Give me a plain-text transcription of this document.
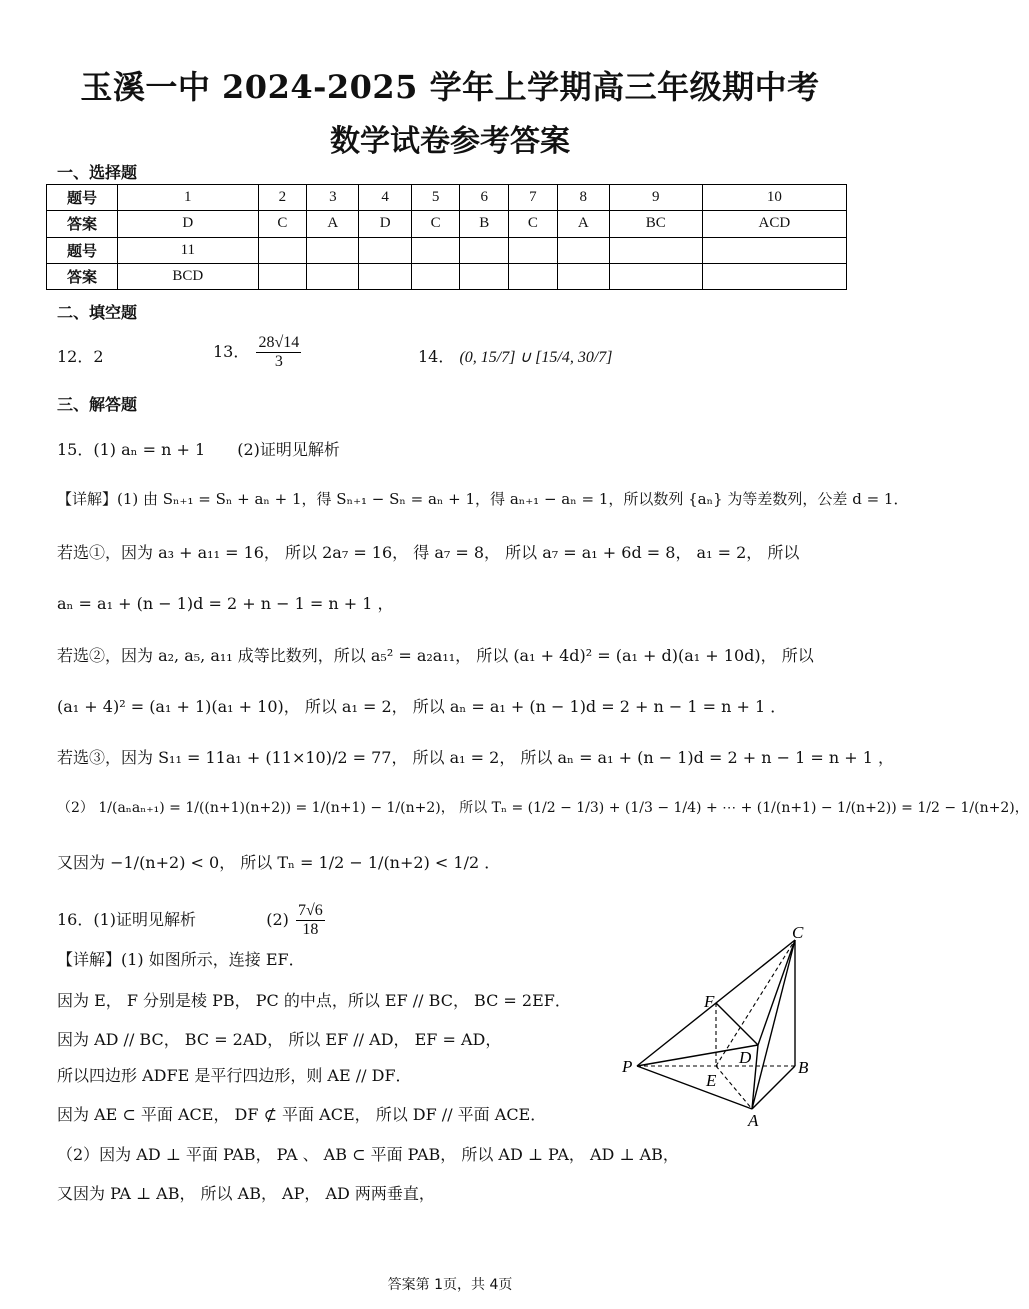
玉溪一中 2024-2025 学年上学期高三年级期中考
数学试卷参考答案
一、选择题
题号	1	2	3	4	5	6	7	8	9	10
答案	D	C	A	D	C	B	C	A	BC	ACD
题号	11									
答案	BCD									
二、填空题
12．2	13． $\frac{28√14}{3}$	14． (0, 15/7] ∪ [15/4, 30/7]
三、解答题
15．(1) aₙ = n + 1　　(2)证明见解析
【详解】(1) 由 Sₙ₊₁ = Sₙ + aₙ + 1，得 Sₙ₊₁ − Sₙ = aₙ + 1，得 aₙ₊₁ − aₙ = 1，所以数列 {aₙ} 为等差数列，公差 d = 1．
若选①，因为 a₃ + a₁₁ = 16， 所以 2a₇ = 16， 得 a₇ = 8， 所以 a₇ = a₁ + 6d = 8， a₁ = 2， 所以
aₙ = a₁ + (n − 1)d = 2 + n − 1 = n + 1 ，
若选②，因为 a₂, a₅, a₁₁ 成等比数列，所以 a₅² = a₂a₁₁， 所以 (a₁ + 4d)² = (a₁ + d)(a₁ + 10d)， 所以
(a₁ + 4)² = (a₁ + 1)(a₁ + 10)， 所以 a₁ = 2， 所以 aₙ = a₁ + (n − 1)d = 2 + n − 1 = n + 1 ．
若选③，因为 S₁₁ = 11a₁ + (11×10)/2 = 77， 所以 a₁ = 2， 所以 aₙ = a₁ + (n − 1)d = 2 + n − 1 = n + 1 ，
（2） 1/(aₙaₙ₊₁) = 1/((n+1)(n+2)) = 1/(n+1) − 1/(n+2)， 所以 Tₙ = (1/2 − 1/3) + (1/3 − 1/4) + ⋯ + (1/(n+1) − 1/(n+2)) = 1/2 − 1/(n+2)，
又因为 −1/(n+2) < 0， 所以 Tₙ = 1/2 − 1/(n+2) < 1/2 ．
16．(1)证明见解析	$(2) \frac{7√6}{18}$
【详解】(1) 如图所示，连接 EF．
因为 E， F 分别是棱 PB， PC 的中点，所以 EF // BC， BC = 2EF．
因为 AD // BC， BC = 2AD， 所以 EF // AD， EF = AD，
所以四边形 ADFE 是平行四边形，则 AE // DF．
因为 AE ⊂ 平面 ACE， DF ⊄ 平面 ACE， 所以 DF // 平面 ACE．
（2）因为 AD ⊥ 平面 PAB， PA 、 AB ⊂ 平面 PAB， 所以 AD ⊥ PA， AD ⊥ AB，
又因为 PA ⊥ AB， 所以 AB， AP， AD 两两垂直，
C
F
D
P
E
B
A
答案第 1页，共 4页
